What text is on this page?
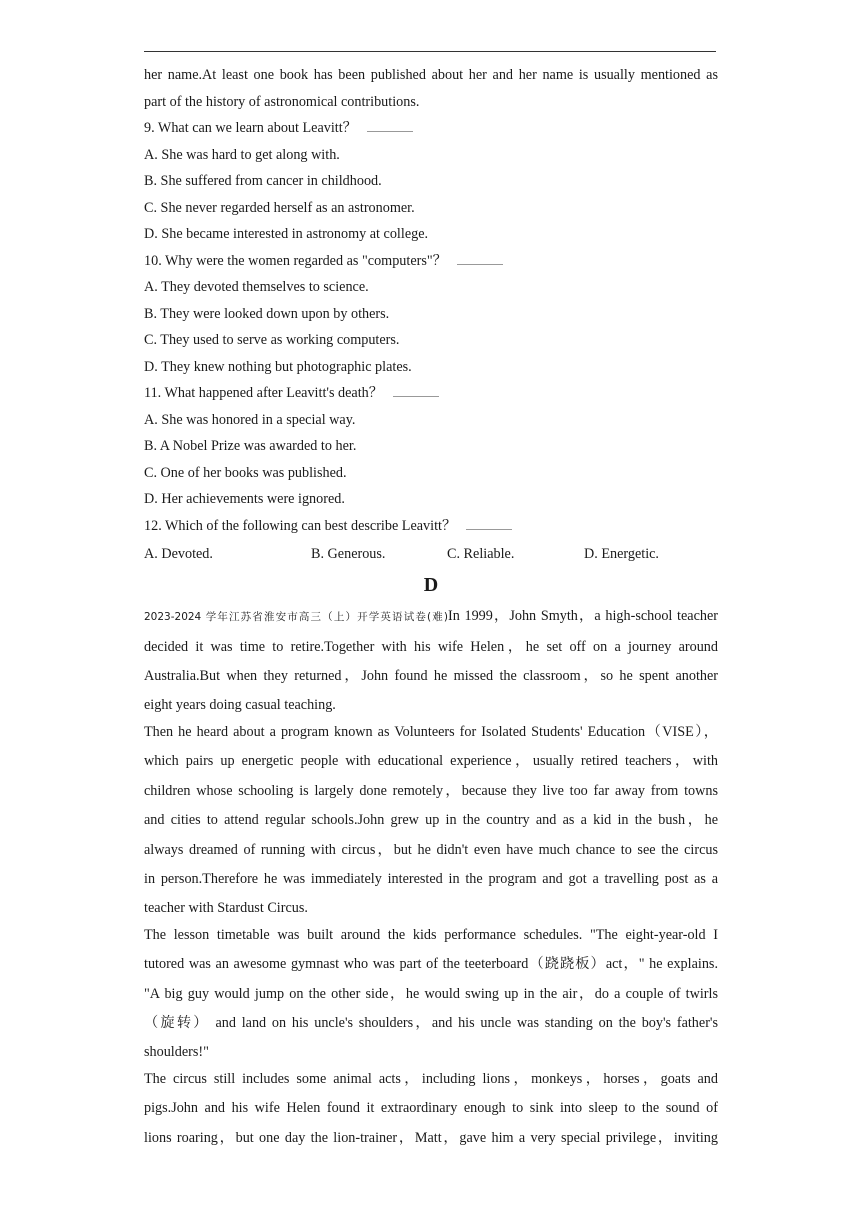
her name.At least one book has been published about her and her name is usually mentioned as
part of the history of astronomical contributions.
9. What can we learn about Leavitt？
A. She was hard to get along with.
B. She suffered from cancer in childhood.
C. She never regarded herself as an astronomer.
D. She became interested in astronomy at college.
10. Why were the women regarded as "computers"？
A. They devoted themselves to science.
B. They were looked down upon by others.
C. They used to serve as working computers.
D. They knew nothing but photographic plates.
11. What happened after Leavitt's death？
A. She was honored in a special way.
B. A Nobel Prize was awarded to her.
C. One of her books was published.
D. Her achievements were ignored.
12. Which of the following can best describe Leavitt？
A. Devoted.	B. Generous.	C. Reliable.	D. Energetic.
D
2023-2024 学年江苏省淮安市高三（上）开学英语试卷(难)In 1999，John Smyth，a high-school teacher
decided it was time to retire.Together with his wife Helen，he set off on a journey around
Australia.But when they returned，John found he missed the classroom，so he spent another
eight years doing casual teaching.
Then he heard about a program known as Volunteers for Isolated Students' Education（VISE），
which pairs up energetic people with educational experience，usually retired teachers，with
children whose schooling is largely done remotely，because they live too far away from towns
and cities to attend regular schools.John grew up in the country and as a kid in the bush，he
always dreamed of running with circus，but he didn't even have much chance to see the circus
in person.Therefore he was immediately interested in the program and got a travelling post as a
teacher with Stardust Circus.
The lesson timetable was built around the kids performance schedules. "The eight-year-old I
tutored was an awesome gymnast who was part of the teeterboard（跷跷板）act，" he explains.
"A big guy would jump on the other side，he would swing up in the air，do a couple of twirls
（旋转） and land on his uncle's shoulders，and his uncle was standing on the boy's father's
shoulders!"
The circus still includes some animal acts，including lions，monkeys，horses，goats and
pigs.John and his wife Helen found it extraordinary enough to sink into sleep to the sound of
lions roaring，but one day the lion-trainer，Matt，gave him a very special privilege，inviting
